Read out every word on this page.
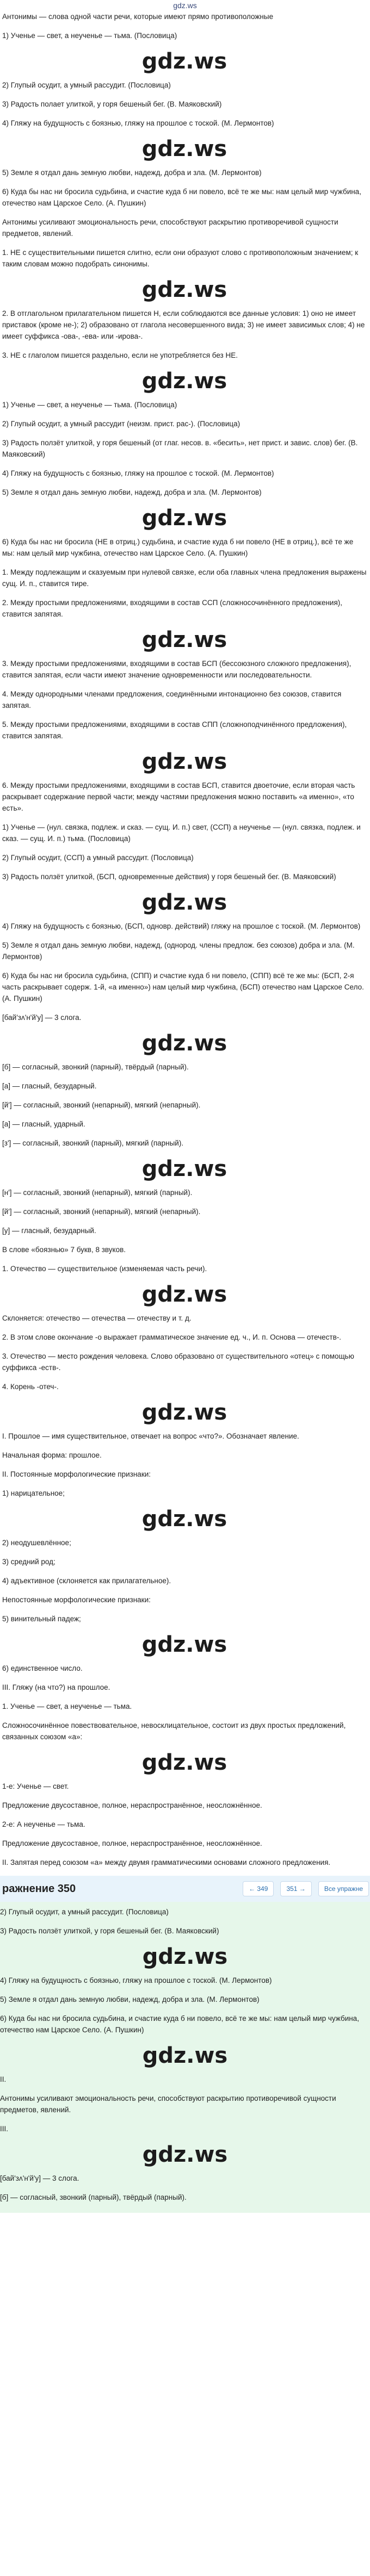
gdz.ws

Антонимы — слова одной части речи, которые имеют прямо противоположные

1) Ученье — свет, а неученье — тьма. (Пословица)

gdz.ws

2) Глупый осудит, а умный рассудит. (Пословица)

3) Радость полает улиткой, у горя бешеный бег. (В. Маяковский)

4) Гляжу на будущность с боязнью, гляжу на прошлое с тоской. (М. Лермонтов)

gdz.ws

5) Земле я отдал дань земную любви, надежд, добра и зла. (М. Лермонтов)

6) Куда бы нас ни бросила судьбина, и счастие куда б ни повело, всё те же мы: нам целый мир чужбина, отечество нам Царское Село. (А. Пушкин)

Антонимы усиливают эмоциональность речи, способствуют раскрытию противоречивой сущности предметов, явлений.

1. НЕ с существительными пишется слитно, если они образуют слово с противоположным значением; к таким словам можно подобрать синонимы.

gdz.ws

2. В отглагольном прилагательном пишется Н, если соблюдаются все данные условия: 1) оно не имеет приставок (кроме не-); 2) образовано от глагола несовершенного вида; 3) не имеет зависимых слов; 4) не имеет суффикса -ова-, -ева- или -ирова-.

3. НЕ с глаголом пишется раздельно, если не употребляется без НЕ.

gdz.ws

1) Ученье — свет, а неученье — тьма. (Пословица)

2) Глупый осудит, а умный рассудит (неизм. прист. рас-). (Пословица)

3) Радость ползёт улиткой, у горя бешеный (от глаг. несов. в. «бесить», нет прист. и завис. слов) бег. (В. Маяковский)

4) Гляжу на будущность с боязнью, гляжу на прошлое с тоской. (М. Лермонтов)

5) Земле я отдал дань земную любви, надежд, добра и зла. (М. Лермонтов)

gdz.ws

6) Куда бы нас ни бросила (НЕ в отриц.) судьбина, и счастие куда б ни повело (НЕ в отриц.), всё те же мы: нам целый мир чужбина, отечество нам Царское Село. (А. Пушкин)

1. Между подлежащим и сказуемым при нулевой связке, если оба главных члена предложения выражены сущ. И. п., ставится тире.

2. Между простыми предложениями, входящими в состав ССП (сложносочинённого предложения), ставится запятая.

gdz.ws

3. Между простыми предложениями, входящими в состав БСП (бессоюзного сложного предложения), ставится запятая, если части имеют значение одновременности или последовательности.

4. Между однородными членами предложения, соединёнными интонационно без союзов, ставится запятая.

5. Между простыми предложениями, входящими в состав СПП (сложноподчинённого предложения), ставится запятая.

gdz.ws

6. Между простыми предложениями, входящими в состав БСП, ставится двоеточие, если вторая часть раскрывает содержание первой части; между частями предложения можно поставить «а именно», «то есть».

1) Ученье — (нул. связка, подлеж. и сказ. — сущ. И. п.) свет, (ССП) а неученье — (нул. связка, подлеж. и сказ. — сущ. И. п.) тьма. (Пословица)

2) Глупый осудит, (ССП) а умный рассудит. (Пословица)

3) Радость ползёт улиткой, (БСП, одновременные действия) у горя бешеный бег. (В. Маяковский)

gdz.ws

4) Гляжу на будущность с боязнью, (БСП, одновр. действий) гляжу на прошлое с тоской. (М. Лермонтов)

5) Земле я отдал дань земную любви, надежд, (однород. члены предлож. без союзов) добра и зла. (М. Лермонтов)

6) Куда бы нас ни бросила судьбина, (СПП) и счастие куда б ни повело, (СПП) всё те же мы: (БСП, 2-я часть раскрывает содерж. 1-й, «а именно») нам целый мир чужбина, (БСП) отечество нам Царское Село. (А. Пушкин)

[бай'зʌ'н'й'у] — 3 слога.

gdz.ws

[б] — согласный, звонкий (парный), твёрдый (парный).

[а] — гласный, безударный.

[й'] — согласный, звонкий (непарный), мягкий (непарный).

[а] — гласный, ударный.

[з'] — согласный, звонкий (парный), мягкий (парный).

gdz.ws

[н'] — согласный, звонкий (непарный), мягкий (парный).

[й'] — согласный, звонкий (непарный), мягкий (непарный).

[у] — гласный, безударный.

В слове «боязнью» 7 букв, 8 звуков.

1. Отечество — существительное (изменяемая часть речи).

gdz.ws

Склоняется: отечество — отечества — отечеству и т. д.

2. В этом слове окончание -о выражает грамматическое значение ед. ч., И. п. Основа — отечеств-.

3. Отечество — место рождения человека. Слово образовано от существительного «отец» с помощью суффикса -еств-.

4. Корень -отеч-.

gdz.ws

I. Прошлое — имя существительное, отвечает на вопрос «что?». Обозначает явление.

Начальная форма: прошлое.

II. Постоянные морфологические признаки:

1) нарицательное;

gdz.ws

2) неодушевлённое;

3) средний род;

4) адъективное (склоняется как прилагательное).

Непостоянные морфологические признаки:

5) винительный падеж;

gdz.ws

6) единственное число.

III. Гляжу (на что?) на прошлое.

1. Ученье — свет, а неученье — тьма.

Сложносочинённое повествовательное, невосклицательное, состоит из двух простых предложений, связанных союзом «а»:

gdz.ws

1-е: Ученье — свет.

Предложение двусоставное, полное, нераспространённое, неосложнённое.

2-е: А неученье — тьма.

Предложение двусоставное, полное, нераспространённое, неосложнённое.

II. Запятая перед союзом «а» между двумя грамматическими основами сложного предложения.

ражнение 350	← 349	351 →	Все упражне

2) Глупый осудит, а умный рассудит. (Пословица)

3) Радость ползёт улиткой, у горя бешеный бег. (В. Маяковский)

gdz.ws

4) Гляжу на будущность с боязнью, гляжу на прошлое с тоской. (М. Лермонтов)

5) Земле я отдал дань земную любви, надежд, добра и зла. (М. Лермонтов)

6) Куда бы нас ни бросила судьбина, и счастие куда б ни повело, всё те же мы: нам целый мир чужбина, отечество нам Царское Село. (А. Пушкин)

gdz.ws

II.

Антонимы усиливают эмоциональность речи, способствуют раскрытию противоречивой сущности предметов, явлений.

III.

gdz.ws

[бай'зʌ'н'й'у] — 3 слога.

[б] — согласный, звонкий (парный), твёрдый (парный).
